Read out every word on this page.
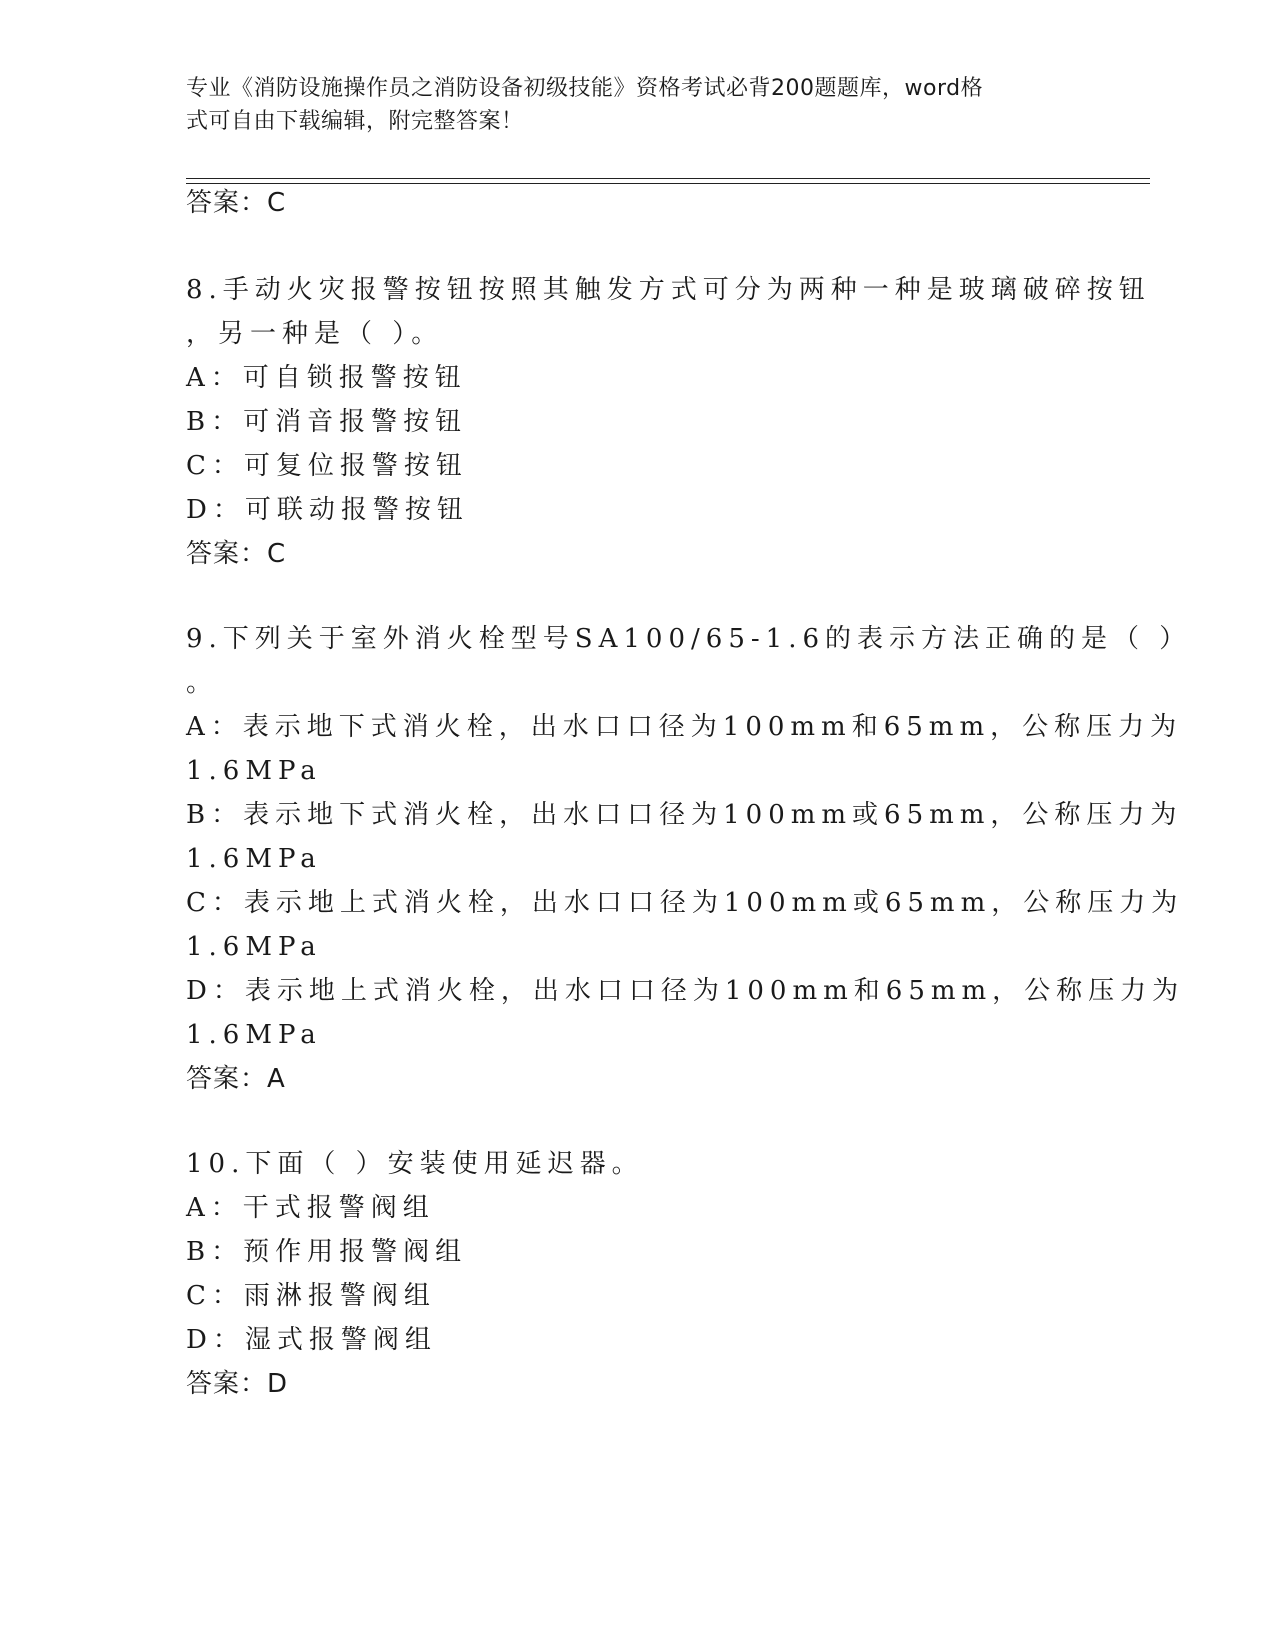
专业《消防设施操作员之消防设备初级技能》资格考试必背200题题库，word格
式可自由下载编辑，附完整答案！
答案：C
8.手动火灾报警按钮按照其触发方式可分为两种一种是玻璃破碎按钮
，另一种是（ ）。
A：可自锁报警按钮
B：可消音报警按钮
C：可复位报警按钮
D：可联动报警按钮
答案：C
9.下列关于室外消火栓型号SA100/65-1.6的表示方法正确的是（ ）
。
A：表示地下式消火栓，出水口口径为100mm和65mm，公称压力为
1.6MPa
B：表示地下式消火栓，出水口口径为100mm或65mm，公称压力为
1.6MPa
C：表示地上式消火栓，出水口口径为100mm或65mm，公称压力为
1.6MPa
D：表示地上式消火栓，出水口口径为100mm和65mm，公称压力为
1.6MPa
答案：A
10.下面（ ）安装使用延迟器。
A：干式报警阀组
B：预作用报警阀组
C：雨淋报警阀组
D：湿式报警阀组
答案：D
